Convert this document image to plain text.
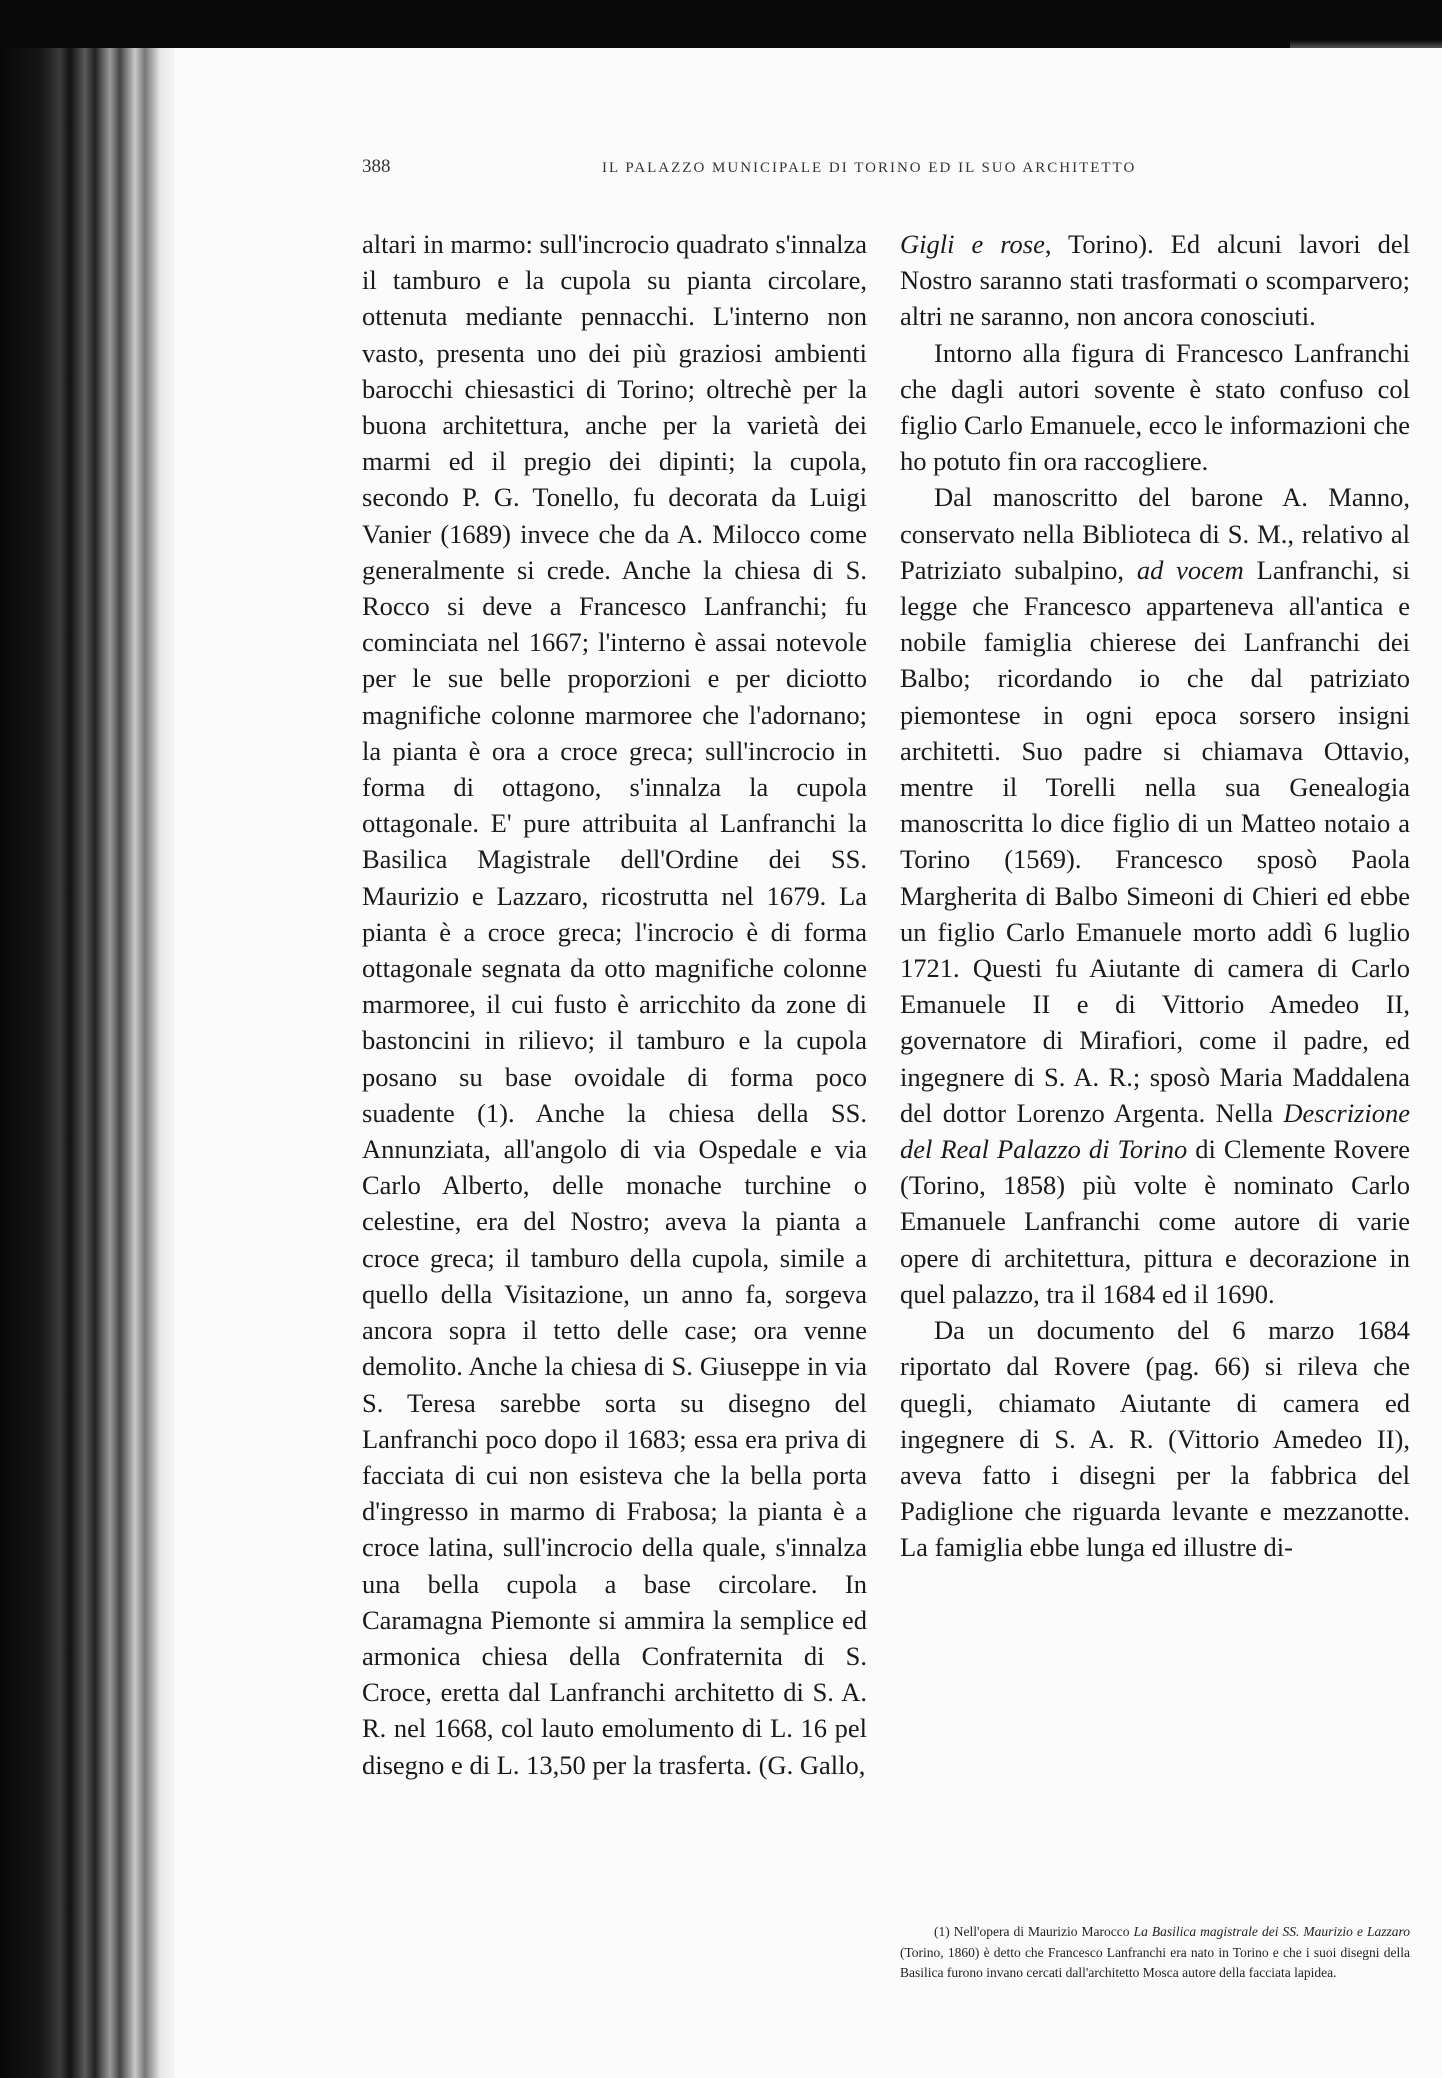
388	IL PALAZZO MUNICIPALE DI TORINO ED IL SUO ARCHITETTO

altari in marmo: sull'incrocio quadrato s'innalza il tamburo e la cupola su pianta circolare, ottenuta mediante pennacchi. L'interno non vasto, presenta uno dei più graziosi ambienti barocchi chiesastici di Torino; oltrechè per la buona architettura, anche per la varietà dei marmi ed il pregio dei dipinti; la cupola, secondo P. G. Tonello, fu decorata da Luigi Vanier (1689) invece che da A. Milocco come generalmente si crede. Anche la chiesa di S. Rocco si deve a Francesco Lanfranchi; fu cominciata nel 1667; l'interno è assai notevole per le sue belle proporzioni e per diciotto magnifiche colonne marmoree che l'adornano; la pianta è ora a croce greca; sull'incrocio in forma di ottagono, s'innalza la cupola ottagonale. E' pure attribuita al Lanfranchi la Basilica Magistrale dell'Ordine dei SS. Maurizio e Lazzaro, ricostrutta nel 1679. La pianta è a croce greca; l'incrocio è di forma ottagonale segnata da otto magnifiche colonne marmoree, il cui fusto è arricchito da zone di bastoncini in rilievo; il tamburo e la cupola posano su base ovoidale di forma poco suadente (1). Anche la chiesa della SS. Annunziata, all'angolo di via Ospedale e via Carlo Alberto, delle monache turchine o celestine, era del Nostro; aveva la pianta a croce greca; il tamburo della cupola, simile a quello della Visitazione, un anno fa, sorgeva ancora sopra il tetto delle case; ora venne demolito. Anche la chiesa di S. Giuseppe in via S. Teresa sarebbe sorta su disegno del Lanfranchi poco dopo il 1683; essa era priva di facciata di cui non esisteva che la bella porta d'ingresso in marmo di Frabosa; la pianta è a croce latina, sull'incrocio della quale, s'innalza una bella cupola a base circolare. In Caramagna Piemonte si ammira la semplice ed armonica chiesa della Confraternita di S. Croce, eretta dal Lanfranchi architetto di S. A. R. nel 1668, col lauto emolumento di L. 16 pel disegno e di L. 13,50 per la trasferta. (G. Gallo,

Gigli e rose, Torino). Ed alcuni lavori del Nostro saranno stati trasformati o scomparvero; altri ne saranno, non ancora conosciuti.

Intorno alla figura di Francesco Lanfranchi che dagli autori sovente è stato confuso col figlio Carlo Emanuele, ecco le informazioni che ho potuto fin ora raccogliere.

Dal manoscritto del barone A. Manno, conservato nella Biblioteca di S. M., relativo al Patriziato subalpino, ad vocem Lanfranchi, si legge che Francesco apparteneva all'antica e nobile famiglia chierese dei Lanfranchi dei Balbo; ricordando io che dal patriziato piemontese in ogni epoca sorsero insigni architetti. Suo padre si chiamava Ottavio, mentre il Torelli nella sua Genealogia manoscritta lo dice figlio di un Matteo notaio a Torino (1569). Francesco sposò Paola Margherita di Balbo Simeoni di Chieri ed ebbe un figlio Carlo Emanuele morto addì 6 luglio 1721. Questi fu Aiutante di camera di Carlo Emanuele II e di Vittorio Amedeo II, governatore di Mirafiori, come il padre, ed ingegnere di S. A. R.; sposò Maria Maddalena del dottor Lorenzo Argenta. Nella Descrizione del Real Palazzo di Torino di Clemente Rovere (Torino, 1858) più volte è nominato Carlo Emanuele Lanfranchi come autore di varie opere di architettura, pittura e decorazione in quel palazzo, tra il 1684 ed il 1690.

Da un documento del 6 marzo 1684 riportato dal Rovere (pag. 66) si rileva che quegli, chiamato Aiutante di camera ed ingegnere di S. A. R. (Vittorio Amedeo II), aveva fatto i disegni per la fabbrica del Padiglione che riguarda levante e mezzanotte. La famiglia ebbe lunga ed illustre di-

(1) Nell'opera di Maurizio Marocco La Basilica magistrale dei SS. Maurizio e Lazzaro (Torino, 1860) è detto che Francesco Lanfranchi era nato in Torino e che i suoi disegni della Basilica furono invano cercati dall'architetto Mosca autore della facciata lapidea.
